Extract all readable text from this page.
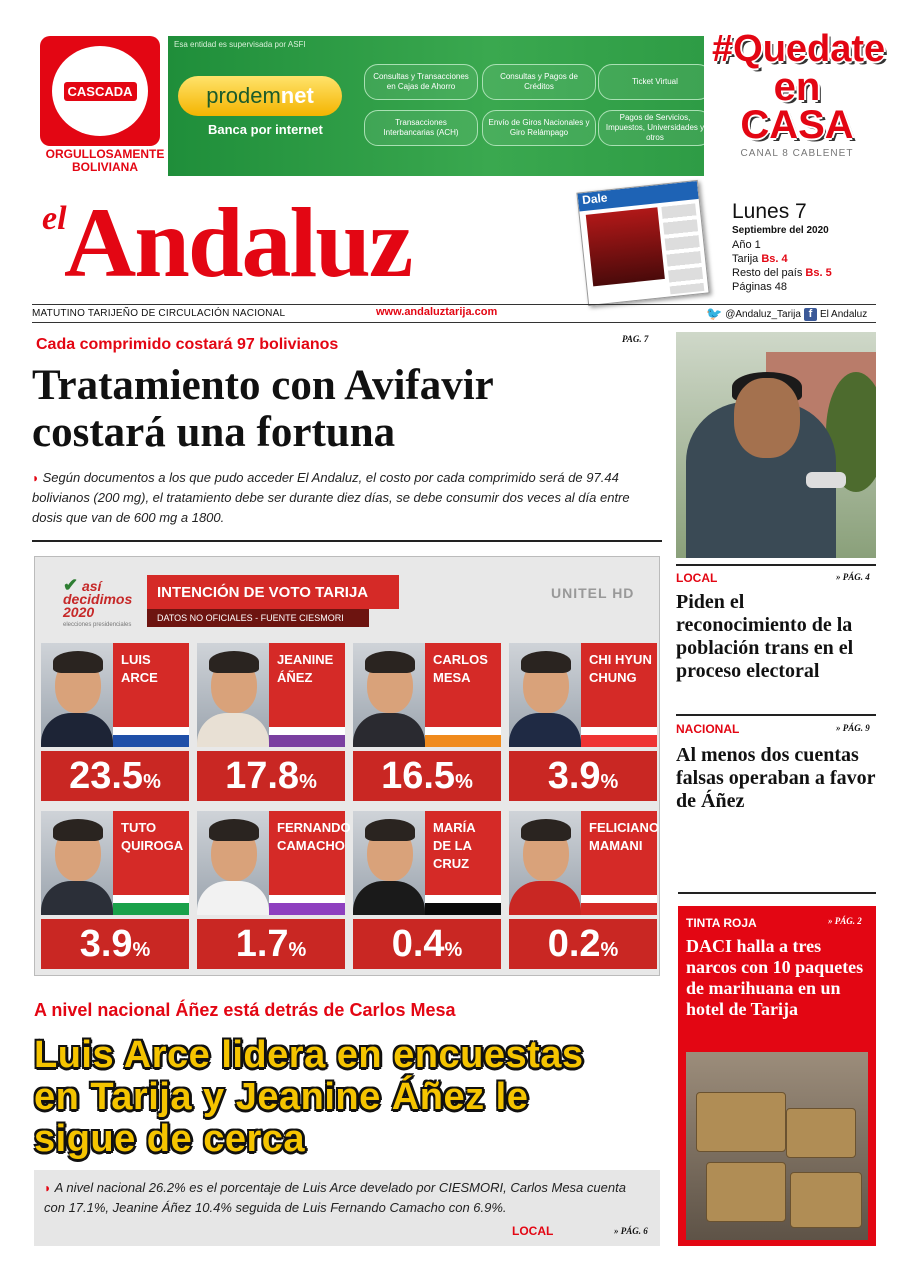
CASCADA
ORGULLOSAMENTE
BOLIVIANA
Esa entidad es supervisada por ASFI
prodem net
Banca por internet
Consultas y Transacciones en Cajas de Ahorro
Consultas y Pagos de Créditos
Ticket Virtual
Transacciones Interbancarias (ACH)
Envío de Giros Nacionales y Giro Relámpago
Pagos de Servicios, Impuestos, Universidades y otros
#Quedate
en
CASA
CANAL 8 CABLENET
el
Andaluz	Dale
Lunes 7
Septiembre del 2020
Año 1
Tarija Bs. 4
Resto del país Bs. 5
Páginas 48
MATUTINO TARIJEÑO DE CIRCULACIÓN NACIONAL	www.andaluztarija.com	🐦 @Andaluz_Tarija f El Andaluz
Cada comprimido costará 97 bolivianos	PAG. 7
Tratamiento con Avifavir
costará una fortuna
◗ Según documentos a los que pudo acceder El Andaluz, el costo por cada comprimido será de 97.44 bolivianos (200 mg), el tratamiento debe ser durante diez días, se debe consumir dos veces al día entre dosis que van de 600 mg a 1800.
✔ así
decidimos
2020
elecciones presidenciales
INTENCIÓN DE VOTO TARIJA
DATOS NO OFICIALES - FUENTE CIESMORI
UNITEL HD
LUIS
ARCE
23.5 %
JEANINE
ÁÑEZ
17.8 %
CARLOS
MESA
16.5 %
CHI HYUN
CHUNG
3.9 %
TUTO
QUIROGA
3.9 %
FERNANDO
CAMACHO
1.7 %
MARÍA
DE LA CRUZ
0.4 %
FELICIANO
MAMANI
0.2 %
A nivel nacional Áñez está detrás de Carlos Mesa
Luis Arce lidera en encuestas
en Tarija y Jeanine Áñez le
sigue de cerca
◗ A nivel nacional 26.2% es el porcentaje de Luis Arce develado por CIESMORI, Carlos Mesa cuenta con 17.1%, Jeanine Áñez 10.4% seguida de Luis Fernando Camacho con 6.9%.
LOCAL	» PÁG. 6
LOCAL	» PÁG. 4
Piden el reconocimiento de la población trans en el proceso electoral
NACIONAL	» PÁG. 9
Al menos dos cuentas falsas operaban a favor de Áñez
TINTA ROJA	» PÁG. 2
DACI halla a tres narcos con 10 paquetes de marihuana en un hotel de Tarija
